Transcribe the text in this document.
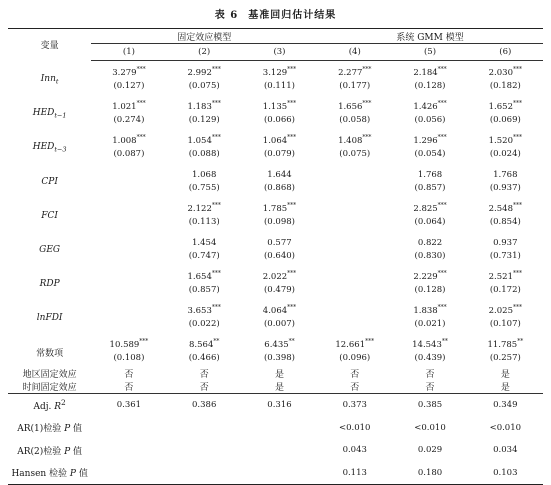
表 6 基准回归估计结果
变量	固定效应模型			系统 GMM 模型		
	(1)	(2)	(3)	(4)	(5)	(6)
Inn$_t$	3.279***	2.992***	3.129***	2.277***	2.184***	2.030***
	(0.127)	(0.075)	(0.111)	(0.177)	(0.128)	(0.182)
$HED_{t-1}$	1.021***	1.183***	1.135***	1.656***	1.426***	1.652***
	(0.274)	(0.129)	(0.066)	(0.058)	(0.056)	(0.069)
$HED_{t-3}$	1.008***	1.054***	1.064***	1.408***	1.296***	1.520***
	(0.087)	(0.088)	(0.079)	(0.075)	(0.054)	(0.024)
CPI		1.068	1.644		1.768	1.768
		(0.755)	(0.868)		(0.857)	(0.937)
FCI		2.122***	1.785***		2.825***	2.548***
		(0.113)	(0.098)		(0.064)	(0.854)
GEG		1.454	0.577		0.822	0.937
		(0.747)	(0.640)		(0.830)	(0.731)
RDP		1.654***	2.022***		2.229***	2.521***
		(0.857)	(0.479)		(0.128)	(0.172)
lnFDI		3.653***	4.064***		1.838***	2.025***
		(0.022)	(0.007)		(0.021)	(0.107)
常数项	10.589***	8.564**	6.435**	12.661***	14.543**	11.785**
	(0.108)	(0.466)	(0.398)	(0.096)	(0.439)	(0.257)
地区固定效应	否	否	是	否	否	是
时间固定效应	否	否	是	否	否	是
Adj. $R^2$	0.361	0.386	0.316	0.373	0.385	0.349
AR(1)检验 P 值				<0.010	<0.010	<0.010
AR(2)检验 P 值				0.043	0.029	0.034
Hansen 检验 P 值				0.113	0.180	0.103
